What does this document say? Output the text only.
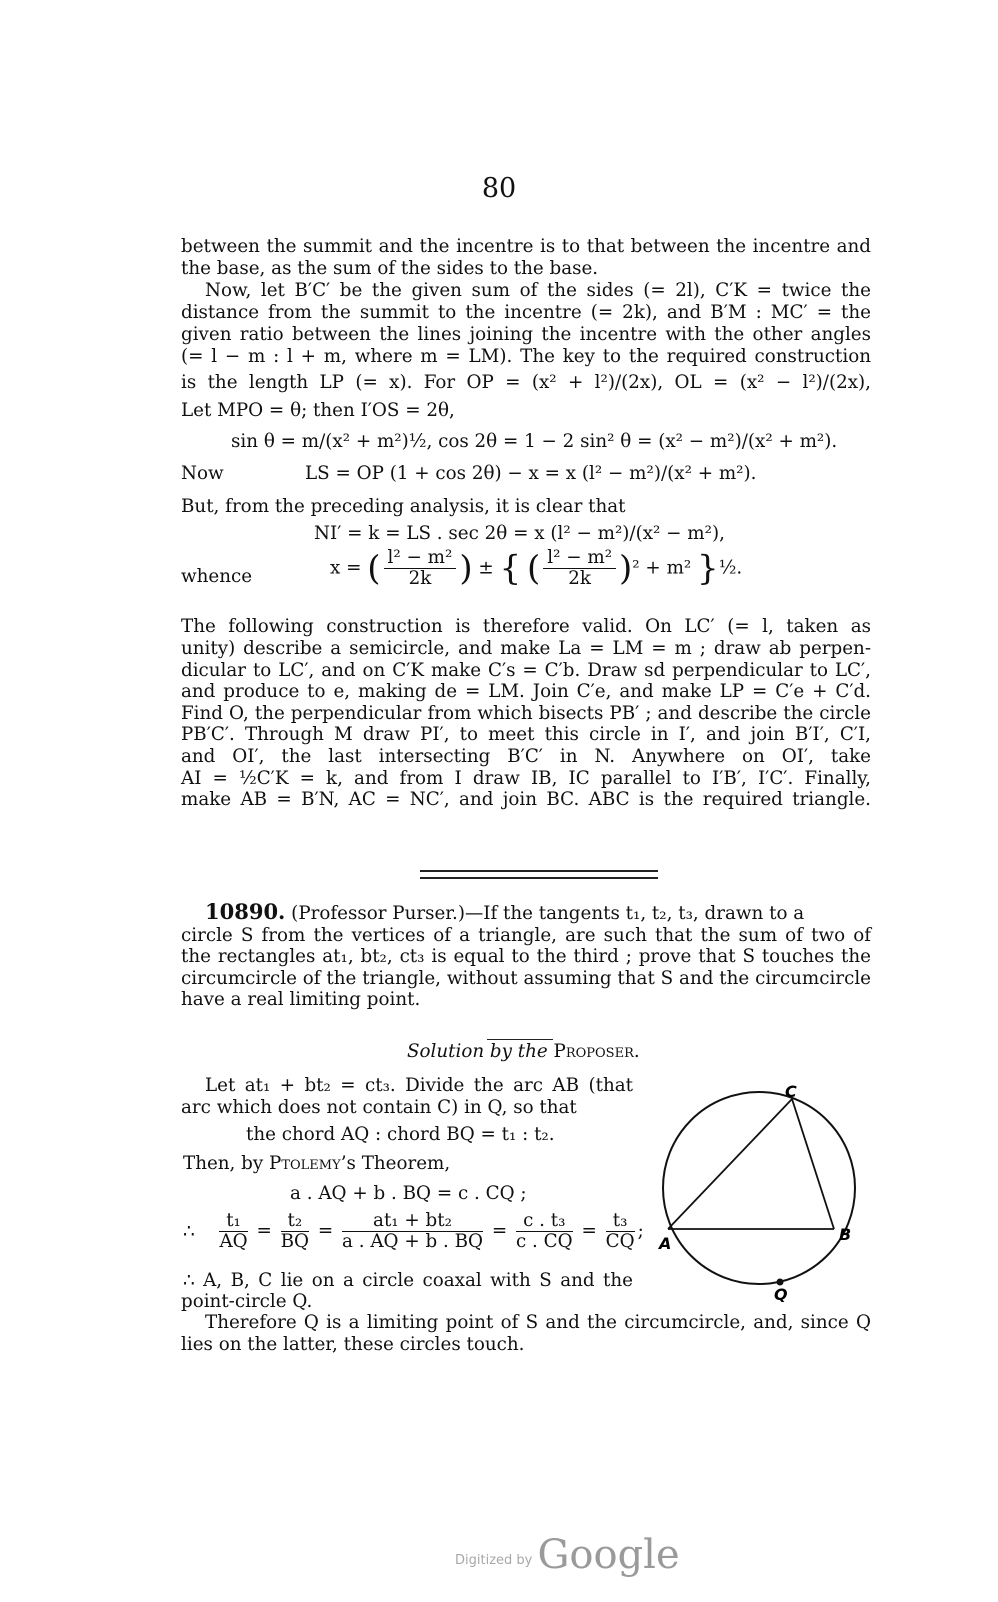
80
between the summit and the incentre is to that between the incentre and
the base, as the sum of the sides to the base.
Now, let B′C′ be the given sum of the sides (= 2l), C′K = twice the
distance from the summit to the incentre (= 2k), and B′M : MC′ = the
given ratio between the lines joining the incentre with the other angles
(= l − m : l + m, where m = LM). The key to the required construction
is the length LP (= x). For OP = (x² + l²)/(2x), OL = (x² − l²)/(2x),
Let MPO = θ; then I′OS = 2θ,
sin θ = m/(x² + m²)½, cos 2θ = 1 − 2 sin² θ = (x² − m²)/(x² + m²).
Now	LS = OP (1 + cos 2θ) − x = x (l² − m²)/(x² + m²).
But, from the preceding analysis, it is clear that
NI′ = k = LS . sec 2θ = x (l² − m²)/(x² − m²),
whence	x = ( $\frac{\text{l² − m²}}{2k}$ ) ± { ( $\frac{\text{l² − m²}}{2k} )^2 + m^2$ }½.
The following construction is therefore valid. On LC′ (= l, taken as
unity) describe a semicircle, and make La = LM = m ; draw ab perpen-
dicular to LC′, and on C′K make C′s = C′b. Draw sd perpendicular to LC′,
and produce to e, making de = LM. Join C′e, and make LP = C′e + C′d.
Find O, the perpendicular from which bisects PB′ ; and describe the circle
PB′C′. Through M draw PI′, to meet this circle in I′, and join B′I′, C′I,
and OI′, the last intersecting B′C′ in N. Anywhere on OI′, take
AI = ½C′K = k, and from I draw IB, IC parallel to I′B′, I′C′. Finally,
make AB = B′N, AC = NC′, and join BC. ABC is the required triangle.
10890. (Professor Purser.)—If the tangents t₁, t₂, t₃, drawn to a
circle S from the vertices of a triangle, are such that the sum of two of
the rectangles at₁, bt₂, ct₃ is equal to the third ; prove that S touches the
circumcircle of the triangle, without assuming that S and the circumcircle
have a real limiting point.
Solution by the Proposer.
Let at₁ + bt₂ = ct₃. Divide the arc AB (that
arc which does not contain C) in Q, so that
the chord AQ : chord BQ = t₁ : t₂.
Then, by Ptolemy’s Theorem,
a . AQ + b . BQ = c . CQ ;
∴ $\frac{\text{t₁}}{AQ} = \frac{\text{t₂}}{BQ} = \frac{\text{at₁ + bt₂}}{a . AQ + b . BQ} = \frac{\text{c . t₃}}{c . CQ} = \frac{\text{t₃}}{CQ}$ ;
∴ A, B, C lie on a circle coaxal with S and the
point-circle Q.
Therefore Q is a limiting point of S and the circumcircle, and, since Q
lies on the latter, these circles touch.
C
A	B
Q
Digitized by Google
